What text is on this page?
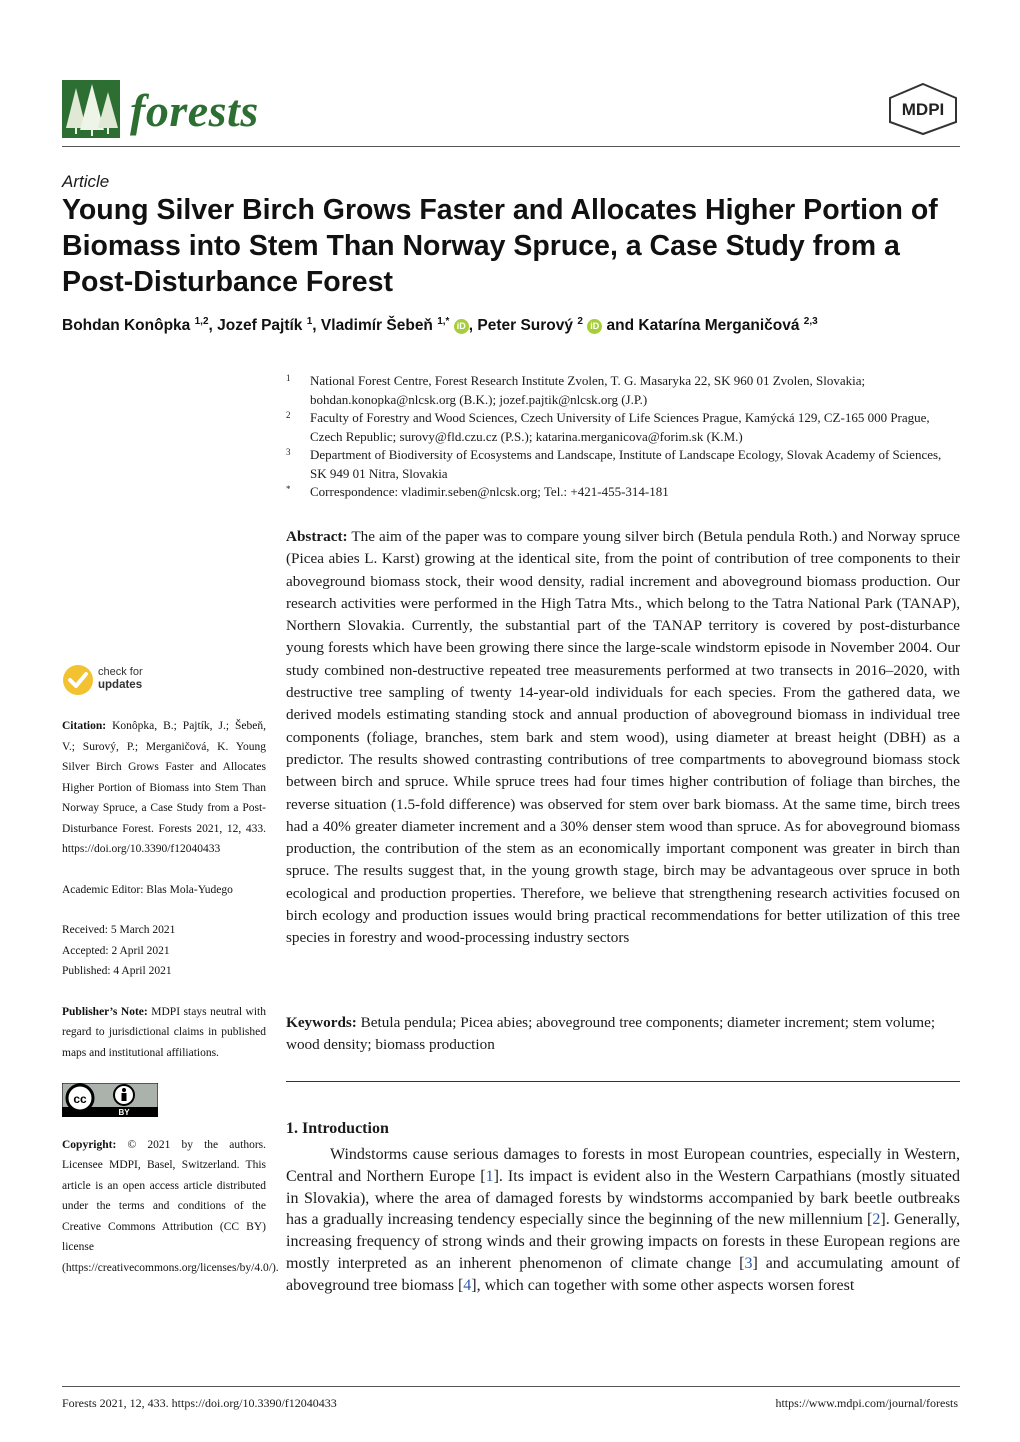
forests	MDPI
Article
Young Silver Birch Grows Faster and Allocates Higher Portion of Biomass into Stem Than Norway Spruce, a Case Study from a Post-Disturbance Forest
Bohdan Konôpka $^{1,2}$, Jozef Pajtík $^1$, Vladimír Šebeň $^{1,*}$ iD , Peter Surový $^2$ iD and Katarína Merganičová $^{2,3}$
1 National Forest Centre, Forest Research Institute Zvolen, T. G. Masaryka 22, SK 960 01 Zvolen, Slovakia; bohdan.konopka@nlcsk.org (B.K.); jozef.pajtik@nlcsk.org (J.P.)
2 Faculty of Forestry and Wood Sciences, Czech University of Life Sciences Prague, Kamýcká 129, CZ-165 000 Prague, Czech Republic; surovy@fld.czu.cz (P.S.); katarina.merganicova@forim.sk (K.M.)
3 Department of Biodiversity of Ecosystems and Landscape, Institute of Landscape Ecology, Slovak Academy of Sciences, SK 949 01 Nitra, Slovakia
* Correspondence: vladimir.seben@nlcsk.org; Tel.: +421-455-314-181
Abstract: The aim of the paper was to compare young silver birch (Betula pendula Roth.) and Norway spruce (Picea abies L. Karst) growing at the identical site, from the point of contribution of tree components to their aboveground biomass stock, their wood density, radial increment and aboveground biomass production. Our research activities were performed in the High Tatra Mts., which belong to the Tatra National Park (TANAP), Northern Slovakia. Currently, the substantial part of the TANAP territory is covered by post-disturbance young forests which have been growing there since the large-scale windstorm episode in November 2004. Our study combined non-destructive repeated tree measurements performed at two transects in 2016–2020, with destructive tree sampling of twenty 14-year-old individuals for each species. From the gathered data, we derived models estimating standing stock and annual production of aboveground biomass in individual tree components (foliage, branches, stem bark and stem wood), using diameter at breast height (DBH) as a predictor. The results showed contrasting contributions of tree compartments to aboveground biomass stock between birch and spruce. While spruce trees had four times higher contribution of foliage than birches, the reverse situation (1.5-fold difference) was observed for stem over bark biomass. At the same time, birch trees had a 40% greater diameter increment and a 30% denser stem wood than spruce. As for aboveground biomass production, the contribution of the stem as an economically important component was greater in birch than spruce. The results suggest that, in the young growth stage, birch may be advantageous over spruce in both ecological and production properties. Therefore, we believe that strengthening research activities focused on birch ecology and production issues would bring practical recommendations for better utilization of this tree species in forestry and wood-processing industry sectors
Keywords: Betula pendula; Picea abies; aboveground tree components; diameter increment; stem volume; wood density; biomass production
1. Introduction
Windstorms cause serious damages to forests in most European countries, especially in Western, Central and Northern Europe [1]. Its impact is evident also in the Western Carpathians (mostly situated in Slovakia), where the area of damaged forests by windstorms accompanied by bark beetle outbreaks has a gradually increasing tendency especially since the beginning of the new millennium [2]. Generally, increasing frequency of strong winds and their growing impacts on forests in these European regions are mostly interpreted as an inherent phenomenon of climate change [3] and accumulating amount of aboveground tree biomass [4], which can together with some other aspects worsen forest
check for
updates
Citation: Konôpka, B.; Pajtík, J.; Šebeň, V.; Surový, P.; Merganičová, K. Young Silver Birch Grows Faster and Allocates Higher Portion of Biomass into Stem Than Norway Spruce, a Case Study from a Post-Disturbance Forest. Forests 2021, 12, 433. https://doi.org/10.3390/f12040433
Academic Editor: Blas Mola-Yudego
Received: 5 March 2021
Accepted: 2 April 2021
Published: 4 April 2021
Publisher’s Note: MDPI stays neutral with regard to jurisdictional claims in published maps and institutional affiliations.
cc
BY
Copyright: © 2021 by the authors. Licensee MDPI, Basel, Switzerland. This article is an open access article distributed under the terms and conditions of the Creative Commons Attribution (CC BY) license (https://creativecommons.org/licenses/by/4.0/).
Forests 2021, 12, 433. https://doi.org/10.3390/f12040433	https://www.mdpi.com/journal/forests
